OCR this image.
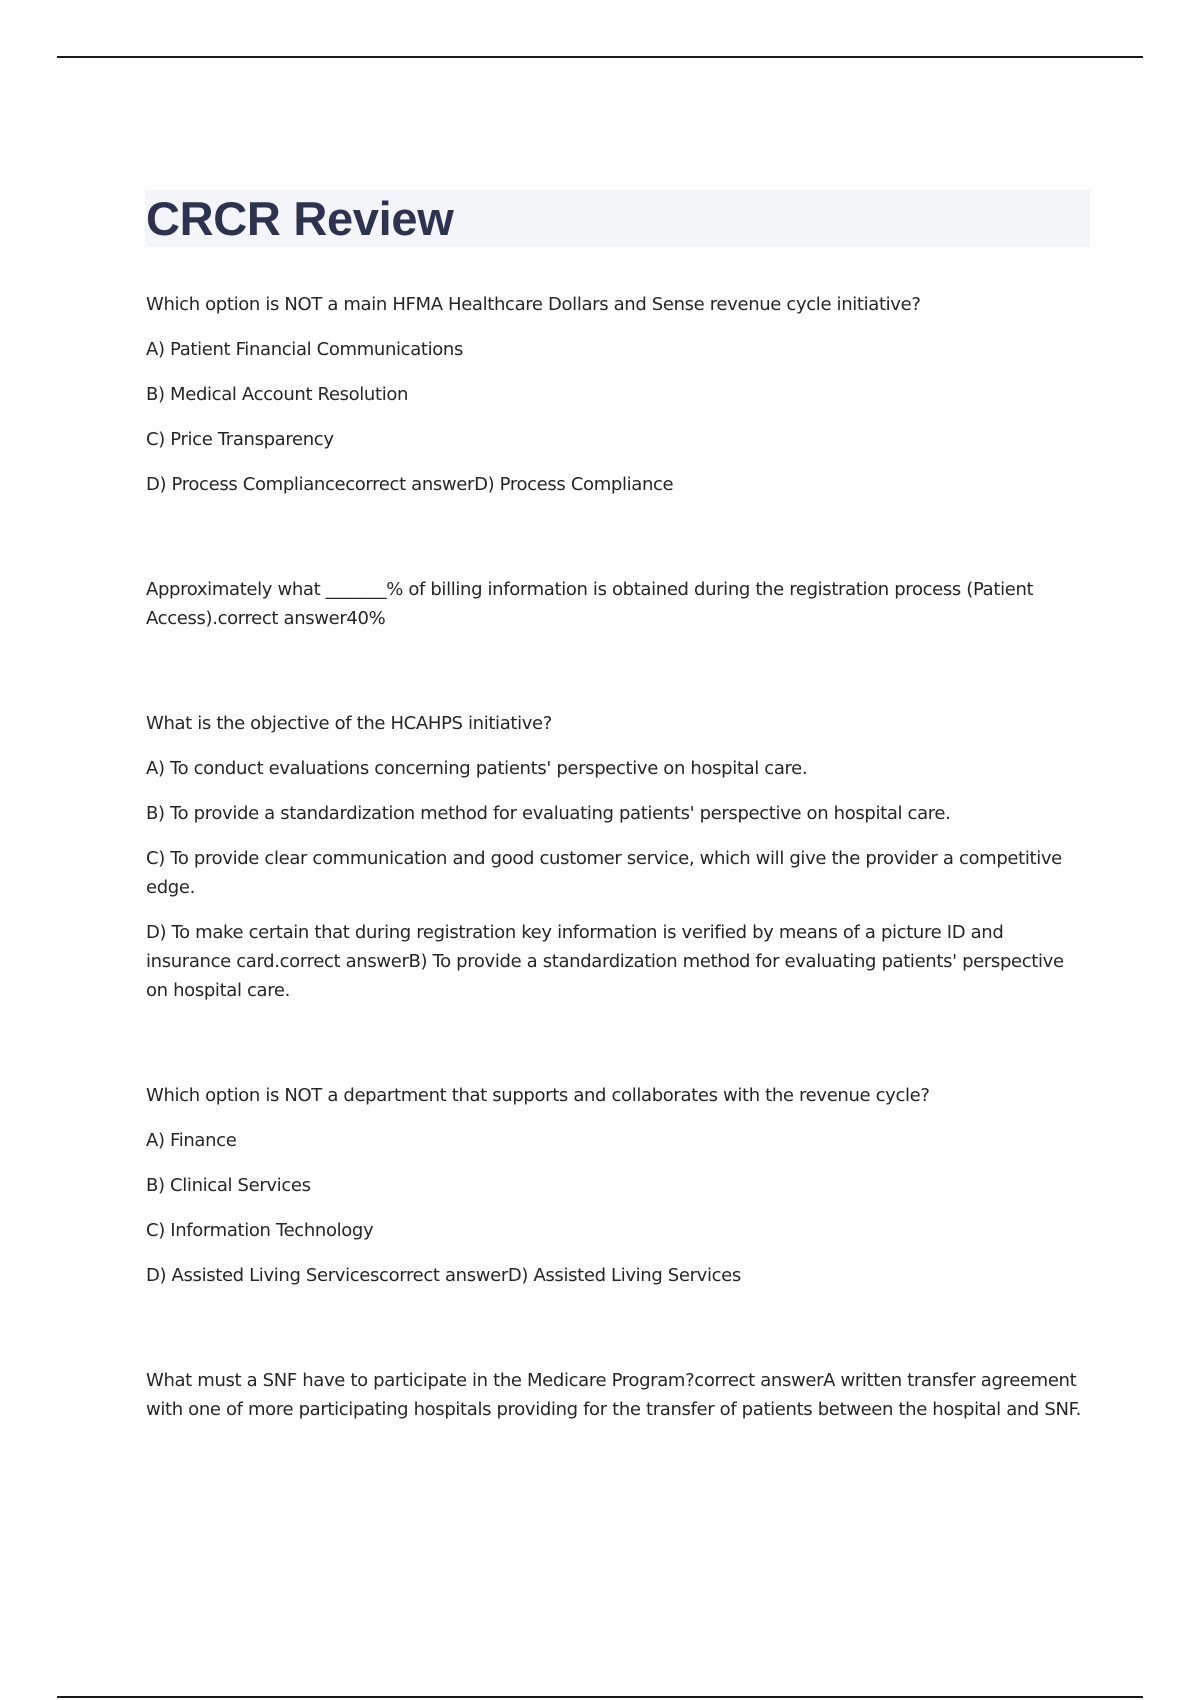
CRCR Review

Which option is NOT a main HFMA Healthcare Dollars and Sense revenue cycle initiative?

A) Patient Financial Communications

B) Medical Account Resolution

C) Price Transparency

D) Process Compliancecorrect answerD) Process Compliance

Approximately what _______% of billing information is obtained during the registration process (Patient Access).correct answer40%

What is the objective of the HCAHPS initiative?

A) To conduct evaluations concerning patients' perspective on hospital care.

B) To provide a standardization method for evaluating patients' perspective on hospital care.

C) To provide clear communication and good customer service, which will give the provider a competitive edge.

D) To make certain that during registration key information is verified by means of a picture ID and insurance card.correct answerB) To provide a standardization method for evaluating patients' perspective on hospital care.

Which option is NOT a department that supports and collaborates with the revenue cycle?

A) Finance

B) Clinical Services

C) Information Technology

D) Assisted Living Servicescorrect answerD) Assisted Living Services

What must a SNF have to participate in the Medicare Program?correct answerA written transfer agreement with one of more participating hospitals providing for the transfer of patients between the hospital and SNF.
